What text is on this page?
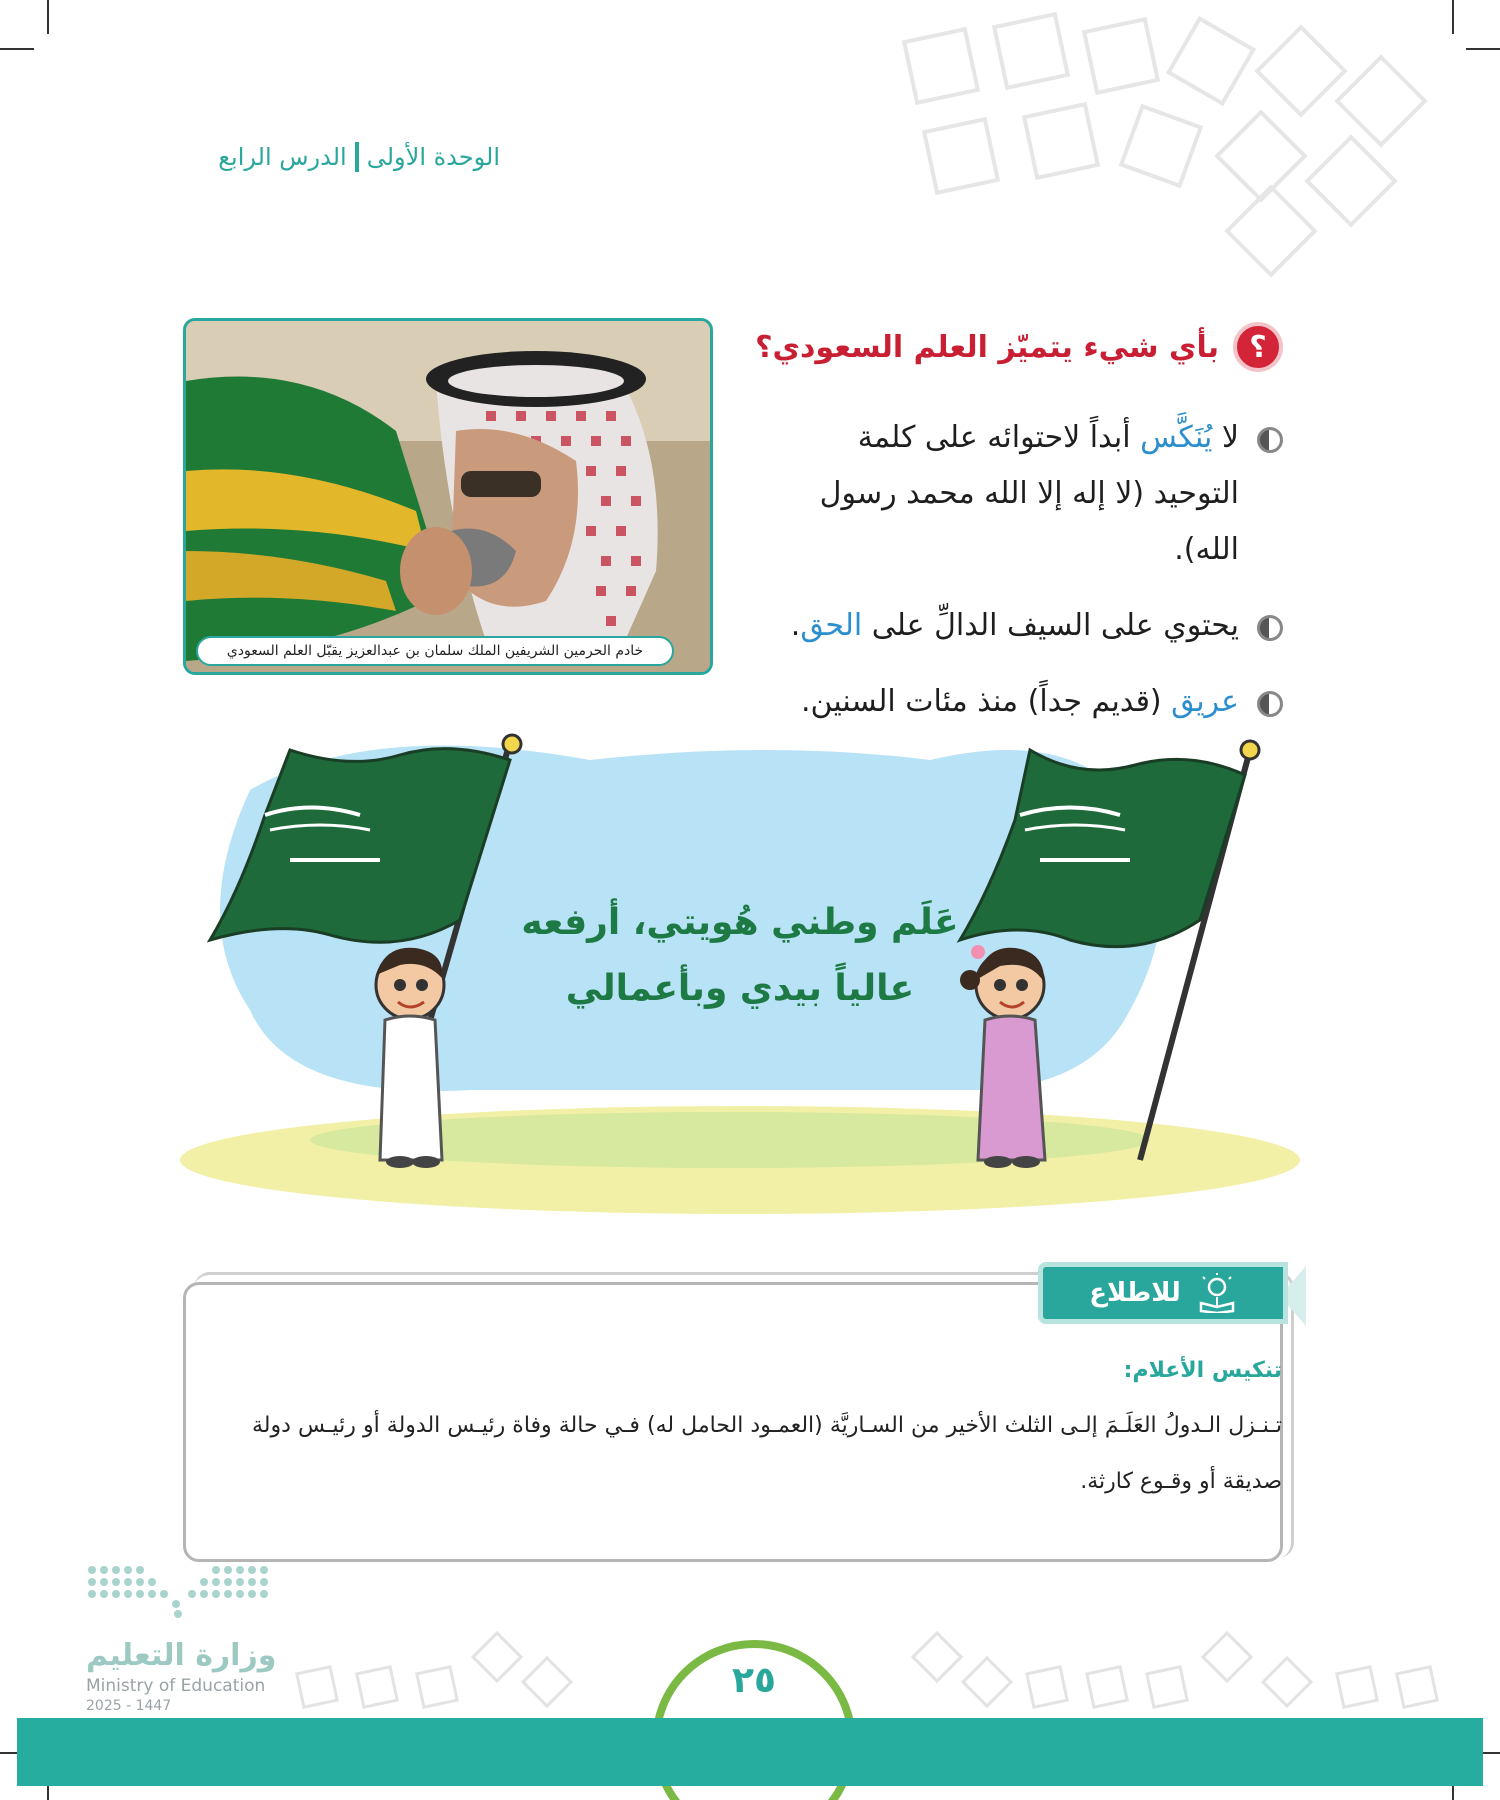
الوحدة الأولى
الدرس الرابع
؟
بأي شيء يتميّز العلم السعودي؟
لا يُنَكَّس أبداً لاحتوائه على كلمة التوحيد (لا إله إلا الله محمد رسول الله).
يحتوي على السيف الدالِّ على الحق.
عريق (قديم جداً) منذ مئات السنين.
خادم الحرمين الشريفين الملك سلمان بن عبدالعزيز يقبّل العلم السعودي
عَلَم وطني هُويتي، أرفعه
عالياً بيدي وبأعمالي
للاطلاع
تنكيس الأعلام:
تـنـزل الـدولُ العَلَـمَ إلـى الثلث الأخير من السـاريَّة (العمـود الحامل له) فـي حالة وفاة رئيـس الدولة أو رئيـس دولة صديقة أو وقـوع كارثة.
٢٥
وزارة التعليم
Ministry of Education
2025 - 1447
